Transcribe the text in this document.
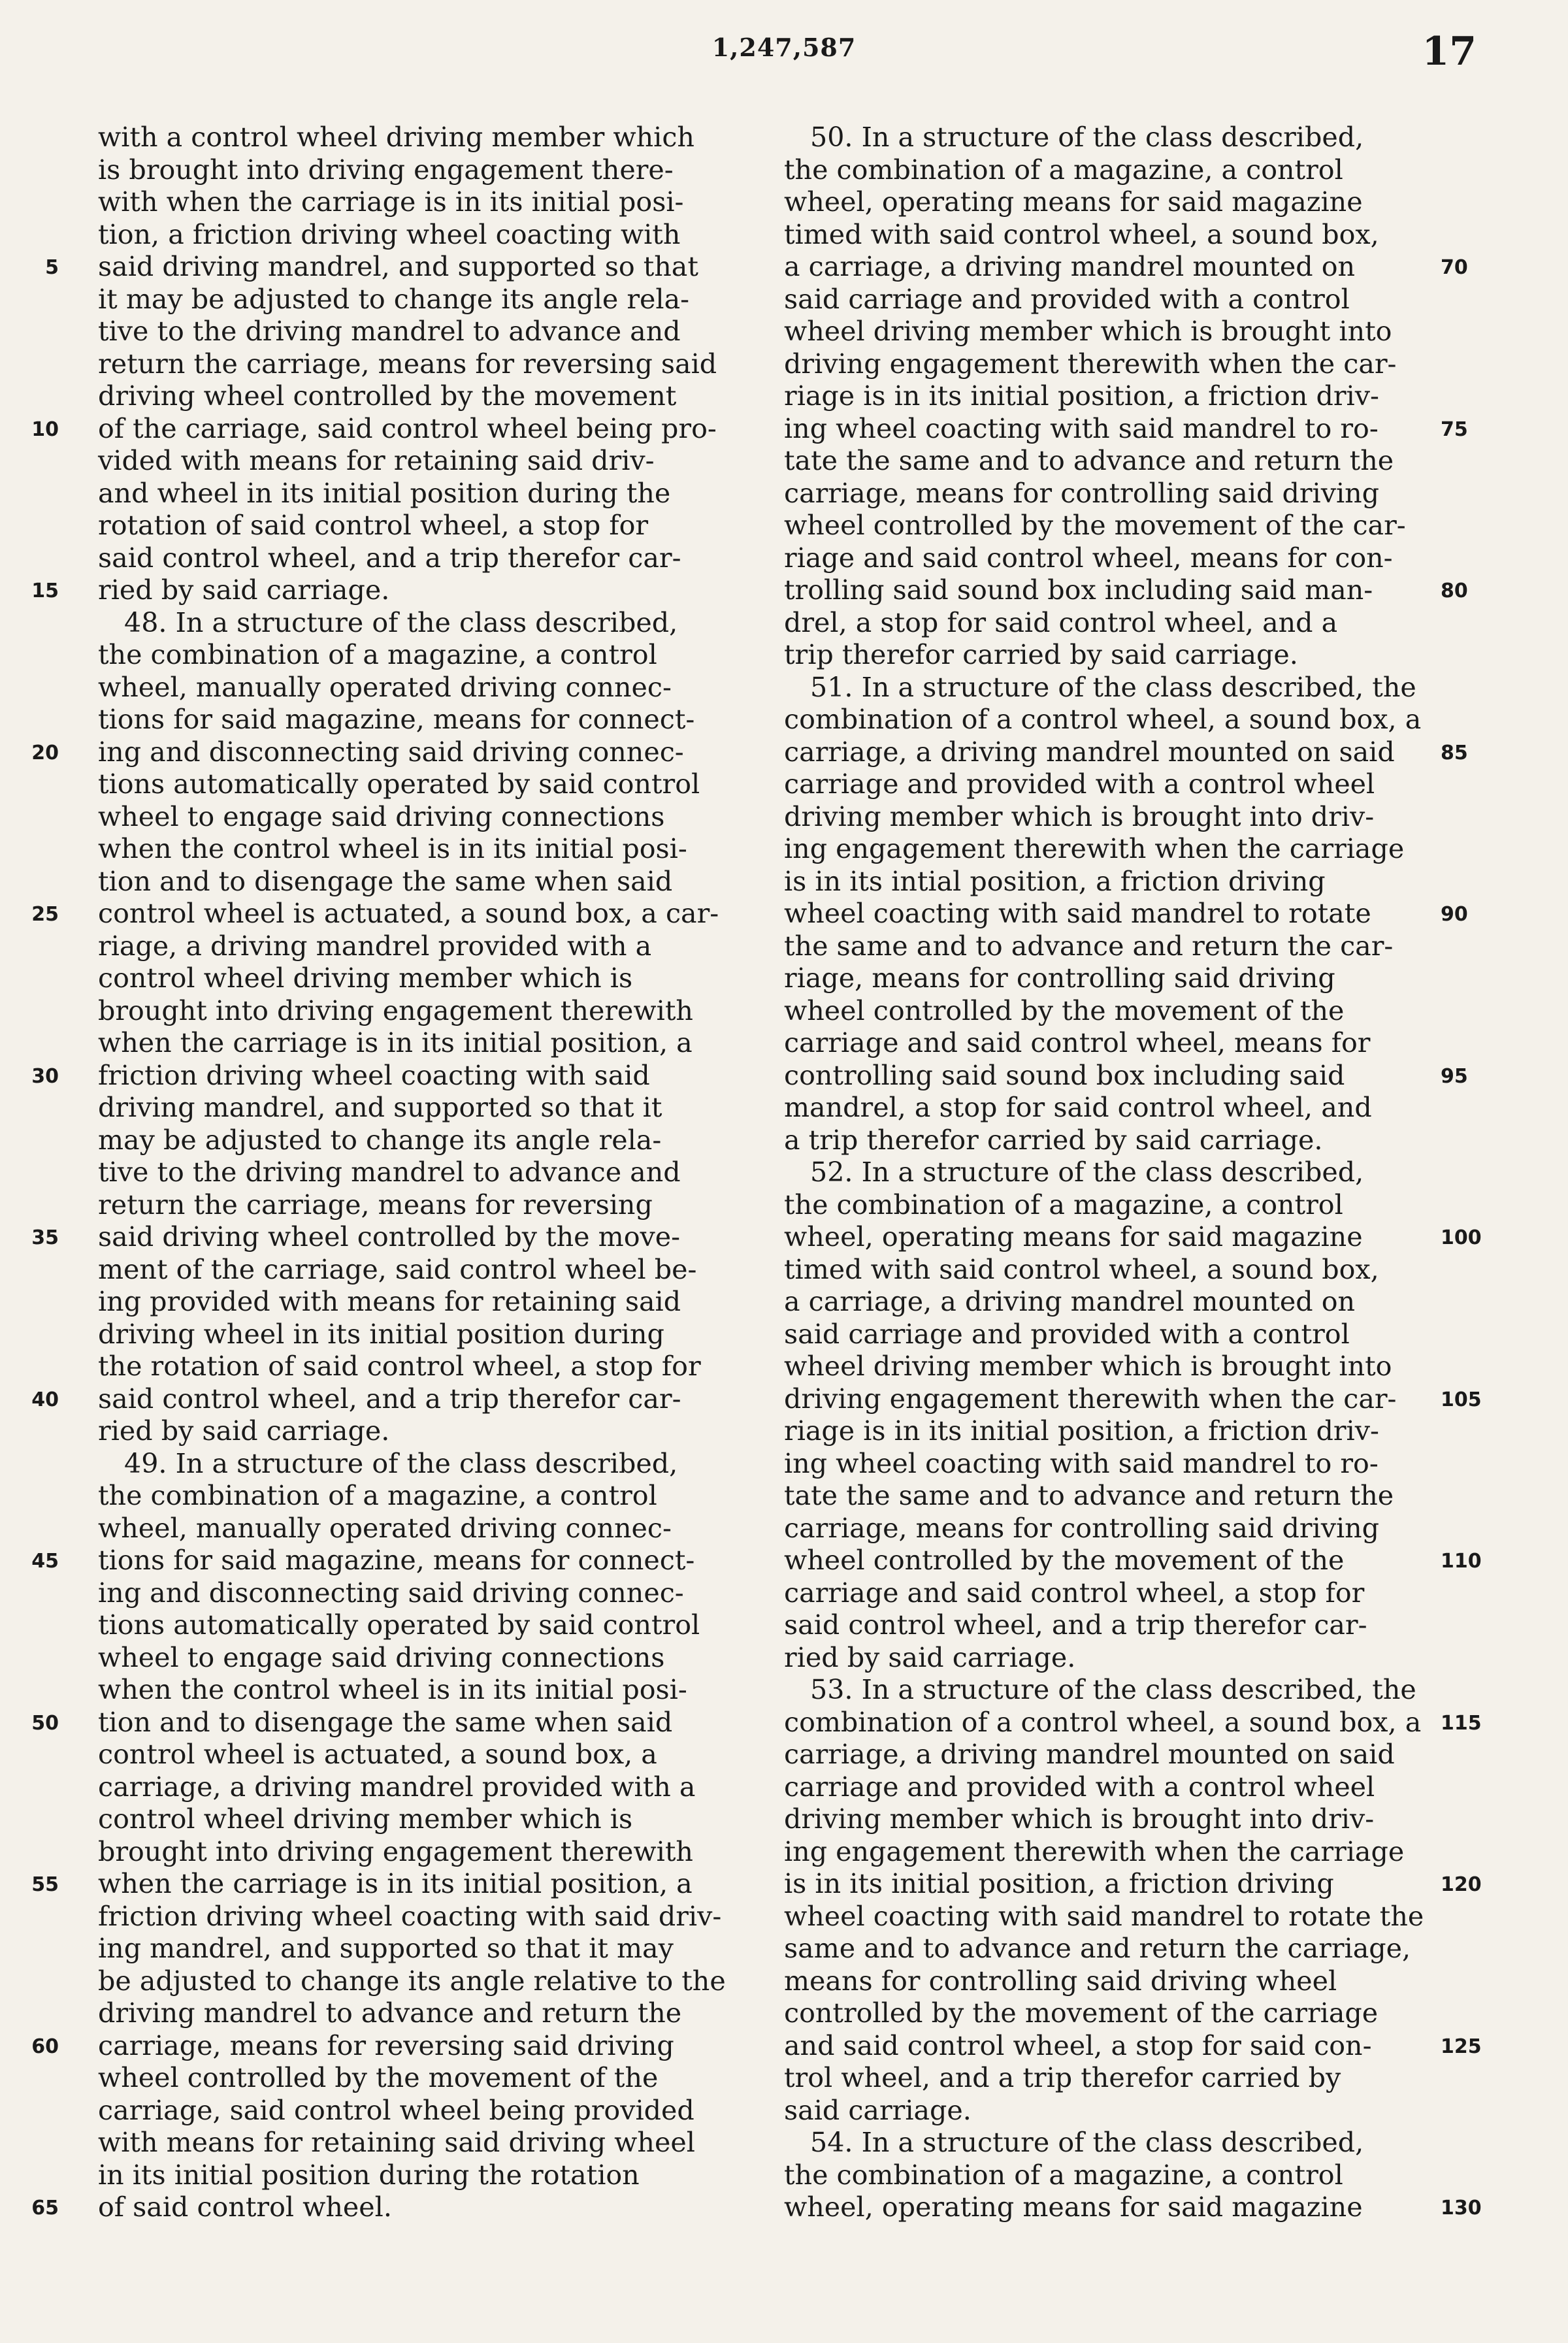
1,247,587	17
with a control wheel driving member which
is brought into driving engagement there-
with when the carriage is in its initial posi-
tion, a friction driving wheel coacting with
said driving mandrel, and supported so that
it may be adjusted to change its angle rela-
tive to the driving mandrel to advance and
return the carriage, means for reversing said
driving wheel controlled by the movement
of the carriage, said control wheel being pro-
vided with means for retaining said driv-
and wheel in its initial position during the
rotation of said control wheel, a stop for
said control wheel, and a trip therefor car-
ried by said carriage.
48. In a structure of the class described,
the combination of a magazine, a control
wheel, manually operated driving connec-
tions for said magazine, means for connect-
ing and disconnecting said driving connec-
tions automatically operated by said control
wheel to engage said driving connections
when the control wheel is in its initial posi-
tion and to disengage the same when said
control wheel is actuated, a sound box, a car-
riage, a driving mandrel provided with a
control wheel driving member which is
brought into driving engagement therewith
when the carriage is in its initial position, a
friction driving wheel coacting with said
driving mandrel, and supported so that it
may be adjusted to change its angle rela-
tive to the driving mandrel to advance and
return the carriage, means for reversing
said driving wheel controlled by the move-
ment of the carriage, said control wheel be-
ing provided with means for retaining said
driving wheel in its initial position during
the rotation of said control wheel, a stop for
said control wheel, and a trip therefor car-
ried by said carriage.
49. In a structure of the class described,
the combination of a magazine, a control
wheel, manually operated driving connec-
tions for said magazine, means for connect-
ing and disconnecting said driving connec-
tions automatically operated by said control
wheel to engage said driving connections
when the control wheel is in its initial posi-
tion and to disengage the same when said
control wheel is actuated, a sound box, a
carriage, a driving mandrel provided with a
control wheel driving member which is
brought into driving engagement therewith
when the carriage is in its initial position, a
friction driving wheel coacting with said driv-
ing mandrel, and supported so that it may
be adjusted to change its angle relative to the
driving mandrel to advance and return the
carriage, means for reversing said driving
wheel controlled by the movement of the
carriage, said control wheel being provided
with means for retaining said driving wheel
in its initial position during the rotation
of said control wheel.
50. In a structure of the class described,
the combination of a magazine, a control
wheel, operating means for said magazine
timed with said control wheel, a sound box,
a carriage, a driving mandrel mounted on
said carriage and provided with a control
wheel driving member which is brought into
driving engagement therewith when the car-
riage is in its initial position, a friction driv-
ing wheel coacting with said mandrel to ro-
tate the same and to advance and return the
carriage, means for controlling said driving
wheel controlled by the movement of the car-
riage and said control wheel, means for con-
trolling said sound box including said man-
drel, a stop for said control wheel, and a
trip therefor carried by said carriage.
51. In a structure of the class described, the
combination of a control wheel, a sound box, a
carriage, a driving mandrel mounted on said
carriage and provided with a control wheel
driving member which is brought into driv-
ing engagement therewith when the carriage
is in its intial position, a friction driving
wheel coacting with said mandrel to rotate
the same and to advance and return the car-
riage, means for controlling said driving
wheel controlled by the movement of the
carriage and said control wheel, means for
controlling said sound box including said
mandrel, a stop for said control wheel, and
a trip therefor carried by said carriage.
52. In a structure of the class described,
the combination of a magazine, a control
wheel, operating means for said magazine
timed with said control wheel, a sound box,
a carriage, a driving mandrel mounted on
said carriage and provided with a control
wheel driving member which is brought into
driving engagement therewith when the car-
riage is in its initial position, a friction driv-
ing wheel coacting with said mandrel to ro-
tate the same and to advance and return the
carriage, means for controlling said driving
wheel controlled by the movement of the
carriage and said control wheel, a stop for
said control wheel, and a trip therefor car-
ried by said carriage.
53. In a structure of the class described, the
combination of a control wheel, a sound box, a
carriage, a driving mandrel mounted on said
carriage and provided with a control wheel
driving member which is brought into driv-
ing engagement therewith when the carriage
is in its initial position, a friction driving
wheel coacting with said mandrel to rotate the
same and to advance and return the carriage,
means for controlling said driving wheel
controlled by the movement of the carriage
and said control wheel, a stop for said con-
trol wheel, and a trip therefor carried by
said carriage.
54. In a structure of the class described,
the combination of a magazine, a control
wheel, operating means for said magazine
5
10
15
20
25
30
35
40
45
50
55
60
65
70
75
80
85
90
95
100
105
110
115
120
125
130
